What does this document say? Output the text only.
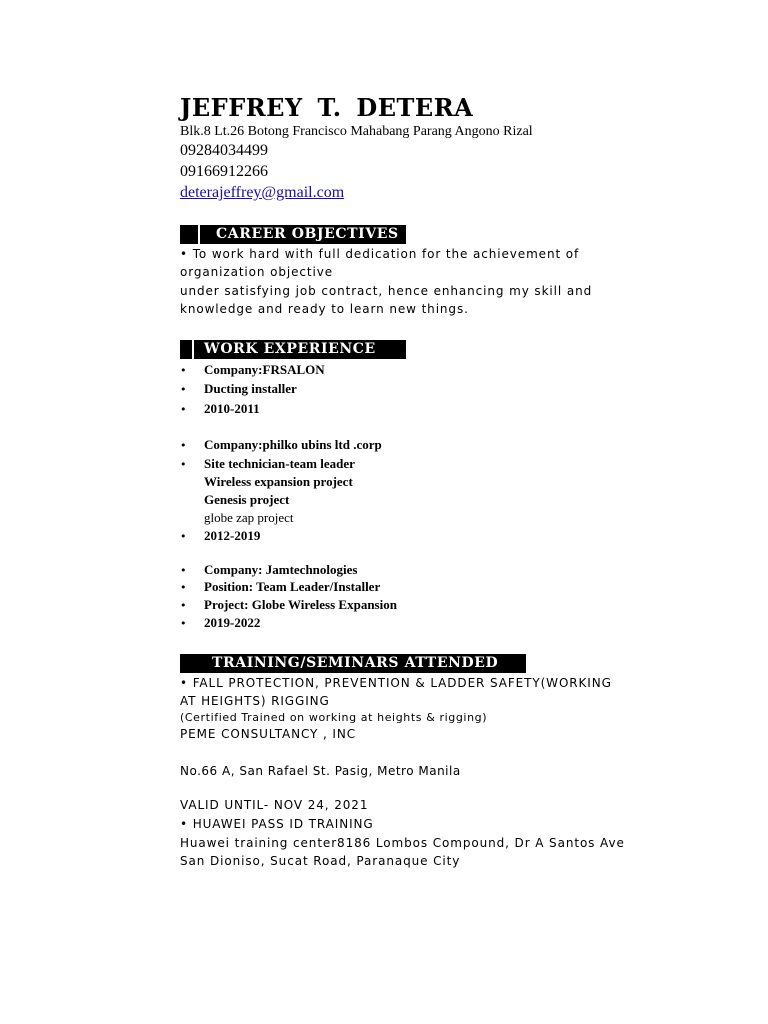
JEFFREY T. DETERA
Blk.8 Lt.26 Botong Francisco Mahabang Parang Angono Rizal
09284034499
09166912266
deterajeffrey@gmail.com
CAREER OBJECTIVES
• To work hard with full dedication for the achievement of
organization objective
under satisfying job contract, hence enhancing my skill and
knowledge and ready to learn new things.
WORK EXPERIENCE
• Company:FRSALON
• Ducting installer
• 2010-2011
• Company:philko ubins ltd .corp
• Site technician-team leader
Wireless expansion project
Genesis project
globe zap project
• 2012-2019
• Company: Jamtechnologies
• Position: Team Leader/Installer
• Project: Globe Wireless Expansion
• 2019-2022
TRAINING/SEMINARS ATTENDED
• FALL PROTECTION, PREVENTION & LADDER SAFETY(WORKING
AT HEIGHTS) RIGGING
(Certified Trained on working at heights & rigging)
PEME CONSULTANCY , INC
No.66 A, San Rafael St. Pasig, Metro Manila
VALID UNTIL- NOV 24, 2021
• HUAWEI PASS ID TRAINING
Huawei training center8186 Lombos Compound, Dr A Santos Ave
San Dioniso, Sucat Road, Paranaque City
